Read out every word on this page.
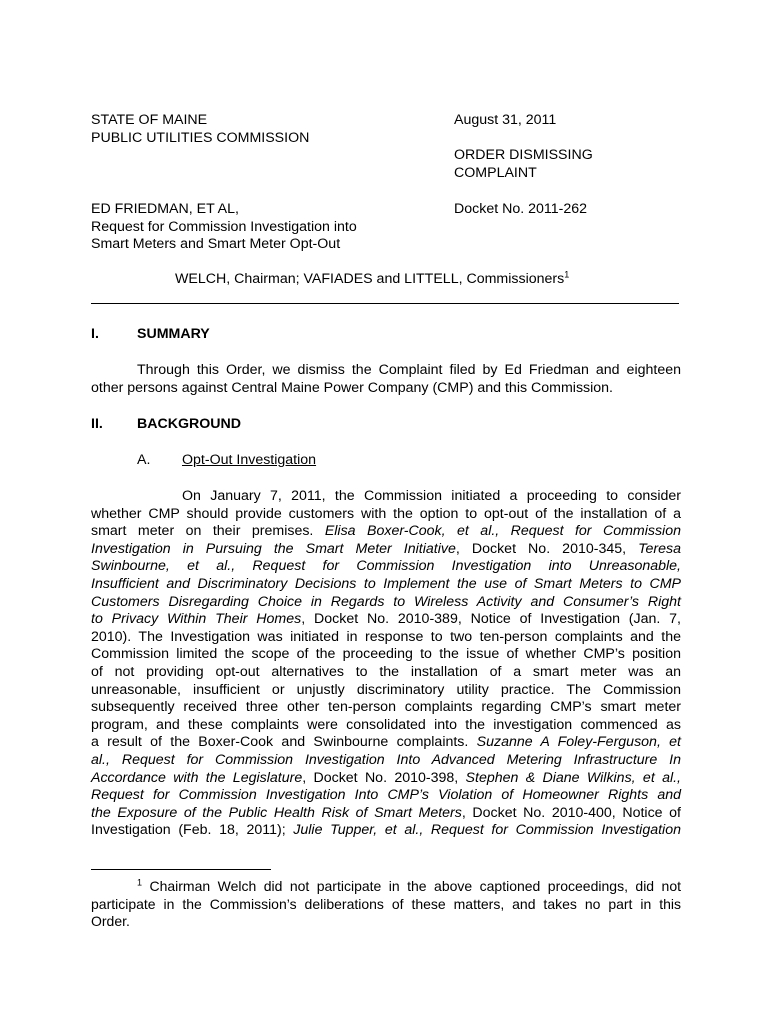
STATE OF MAINE
PUBLIC UTILITIES COMMISSION
August 31, 2011
ORDER DISMISSING
COMPLAINT
ED FRIEDMAN, ET AL,
Request for Commission Investigation into
Smart Meters and Smart Meter Opt-Out
Docket No. 2011-262
WELCH, Chairman; VAFIADES and LITTELL, Commissioners$^1$
I.	SUMMARY
Through this Order, we dismiss the Complaint filed by Ed Friedman and eighteen
other persons against Central Maine Power Company (CMP) and this Commission.
II. BACKGROUND
A. Opt-Out Investigation
On January 7, 2011, the Commission initiated a proceeding to consider
whether CMP should provide customers with the option to opt-out of the installation of a
smart meter on their premises. Elisa Boxer-Cook, et al., Request for Commission
Investigation in Pursuing the Smart Meter Initiative, Docket No. 2010-345, Teresa
Swinbourne, et al., Request for Commission Investigation into Unreasonable,
Insufficient and Discriminatory Decisions to Implement the use of Smart Meters to CMP
Customers Disregarding Choice in Regards to Wireless Activity and Consumer’s Right
to Privacy Within Their Homes, Docket No. 2010-389, Notice of Investigation (Jan. 7,
2010). The Investigation was initiated in response to two ten-person complaints and the
Commission limited the scope of the proceeding to the issue of whether CMP’s position
of not providing opt-out alternatives to the installation of a smart meter was an
unreasonable, insufficient or unjustly discriminatory utility practice. The Commission
subsequently received three other ten-person complaints regarding CMP’s smart meter
program, and these complaints were consolidated into the investigation commenced as
a result of the Boxer-Cook and Swinbourne complaints. Suzanne A Foley-Ferguson, et
al., Request for Commission Investigation Into Advanced Metering Infrastructure In
Accordance with the Legislature, Docket No. 2010-398, Stephen & Diane Wilkins, et al.,
Request for Commission Investigation Into CMP’s Violation of Homeowner Rights and
the Exposure of the Public Health Risk of Smart Meters, Docket No. 2010-400, Notice of
Investigation (Feb. 18, 2011); Julie Tupper, et al., Request for Commission Investigation
$^1$ Chairman Welch did not participate in the above captioned proceedings, did not
participate in the Commission’s deliberations of these matters, and takes no part in this
Order.
